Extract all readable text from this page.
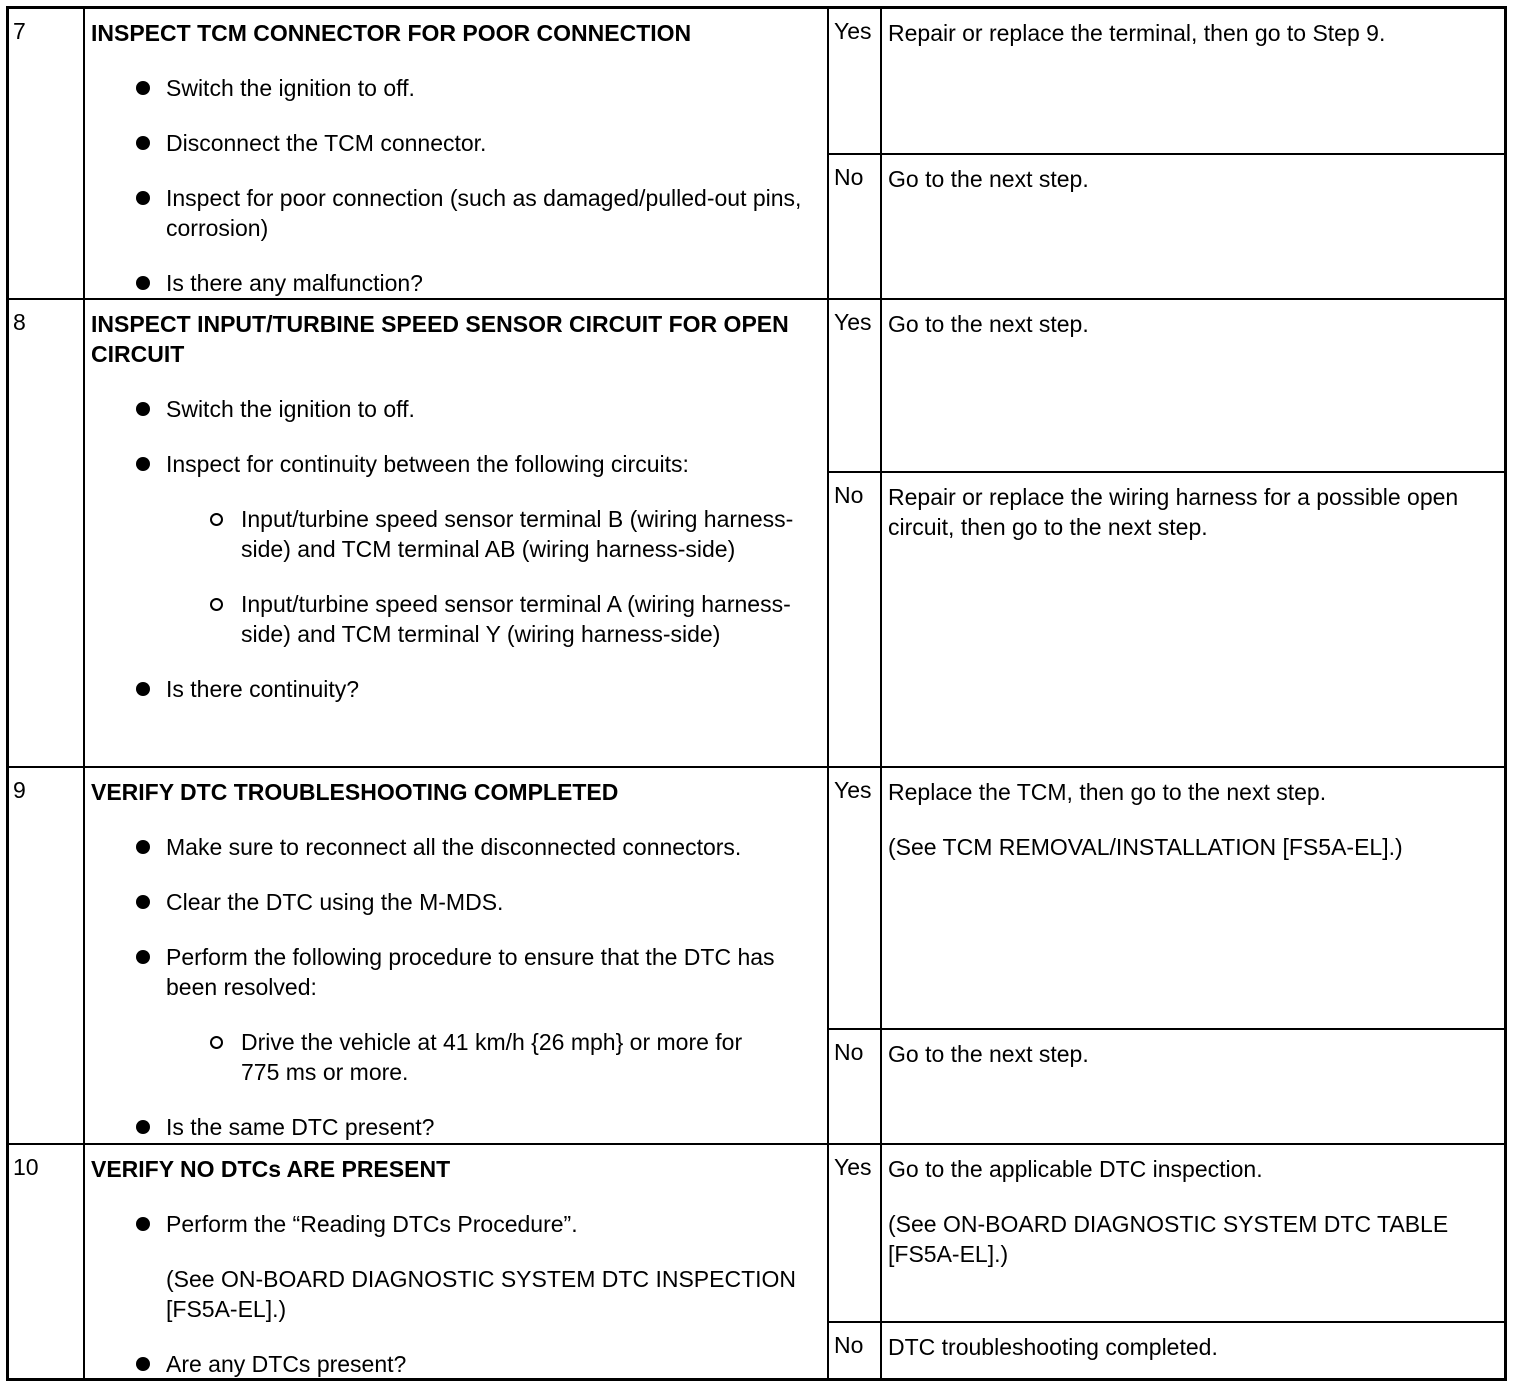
7	INSPECT TCM CONNECTOR FOR POOR CONNECTION
Switch the ignition to off.
Disconnect the TCM connector.
Inspect for poor connection (such as damaged/pulled-out pins, corrosion)
Is there any malfunction?
Yes Repair or replace the terminal, then go to Step 9.

No	Go to the next step.

8	INSPECT INPUT/TURBINE SPEED SENSOR CIRCUIT FOR OPEN CIRCUIT
Switch the ignition to off.
Inspect for continuity between the following circuits:
Input/turbine speed sensor terminal B (wiring harness-side) and TCM terminal AB (wiring harness-side)
Input/turbine speed sensor terminal A (wiring harness-side) and TCM terminal Y (wiring harness-side)
Is there continuity?
Yes Go to the next step.

No	Repair or replace the wiring harness for a possible open circuit, then go to the next step.

9	VERIFY DTC TROUBLESHOOTING COMPLETED
Make sure to reconnect all the disconnected connectors.
Clear the DTC using the M-MDS.
Perform the following procedure to ensure that the DTC has been resolved:
Drive the vehicle at 41 km/h {26 mph} or more for 775 ms or more.
Is the same DTC present?
Yes Replace the TCM, then go to the next step.

(See TCM REMOVAL/INSTALLATION [FS5A-EL].)

No	Go to the next step.

10	VERIFY NO DTCs ARE PRESENT
Perform the “Reading DTCs Procedure”.
(See ON-BOARD DIAGNOSTIC SYSTEM DTC INSPECTION [FS5A-EL].)
Are any DTCs present?
Yes Go to the applicable DTC inspection.

(See ON-BOARD DIAGNOSTIC SYSTEM DTC TABLE [FS5A-EL].)

No	DTC troubleshooting completed.
